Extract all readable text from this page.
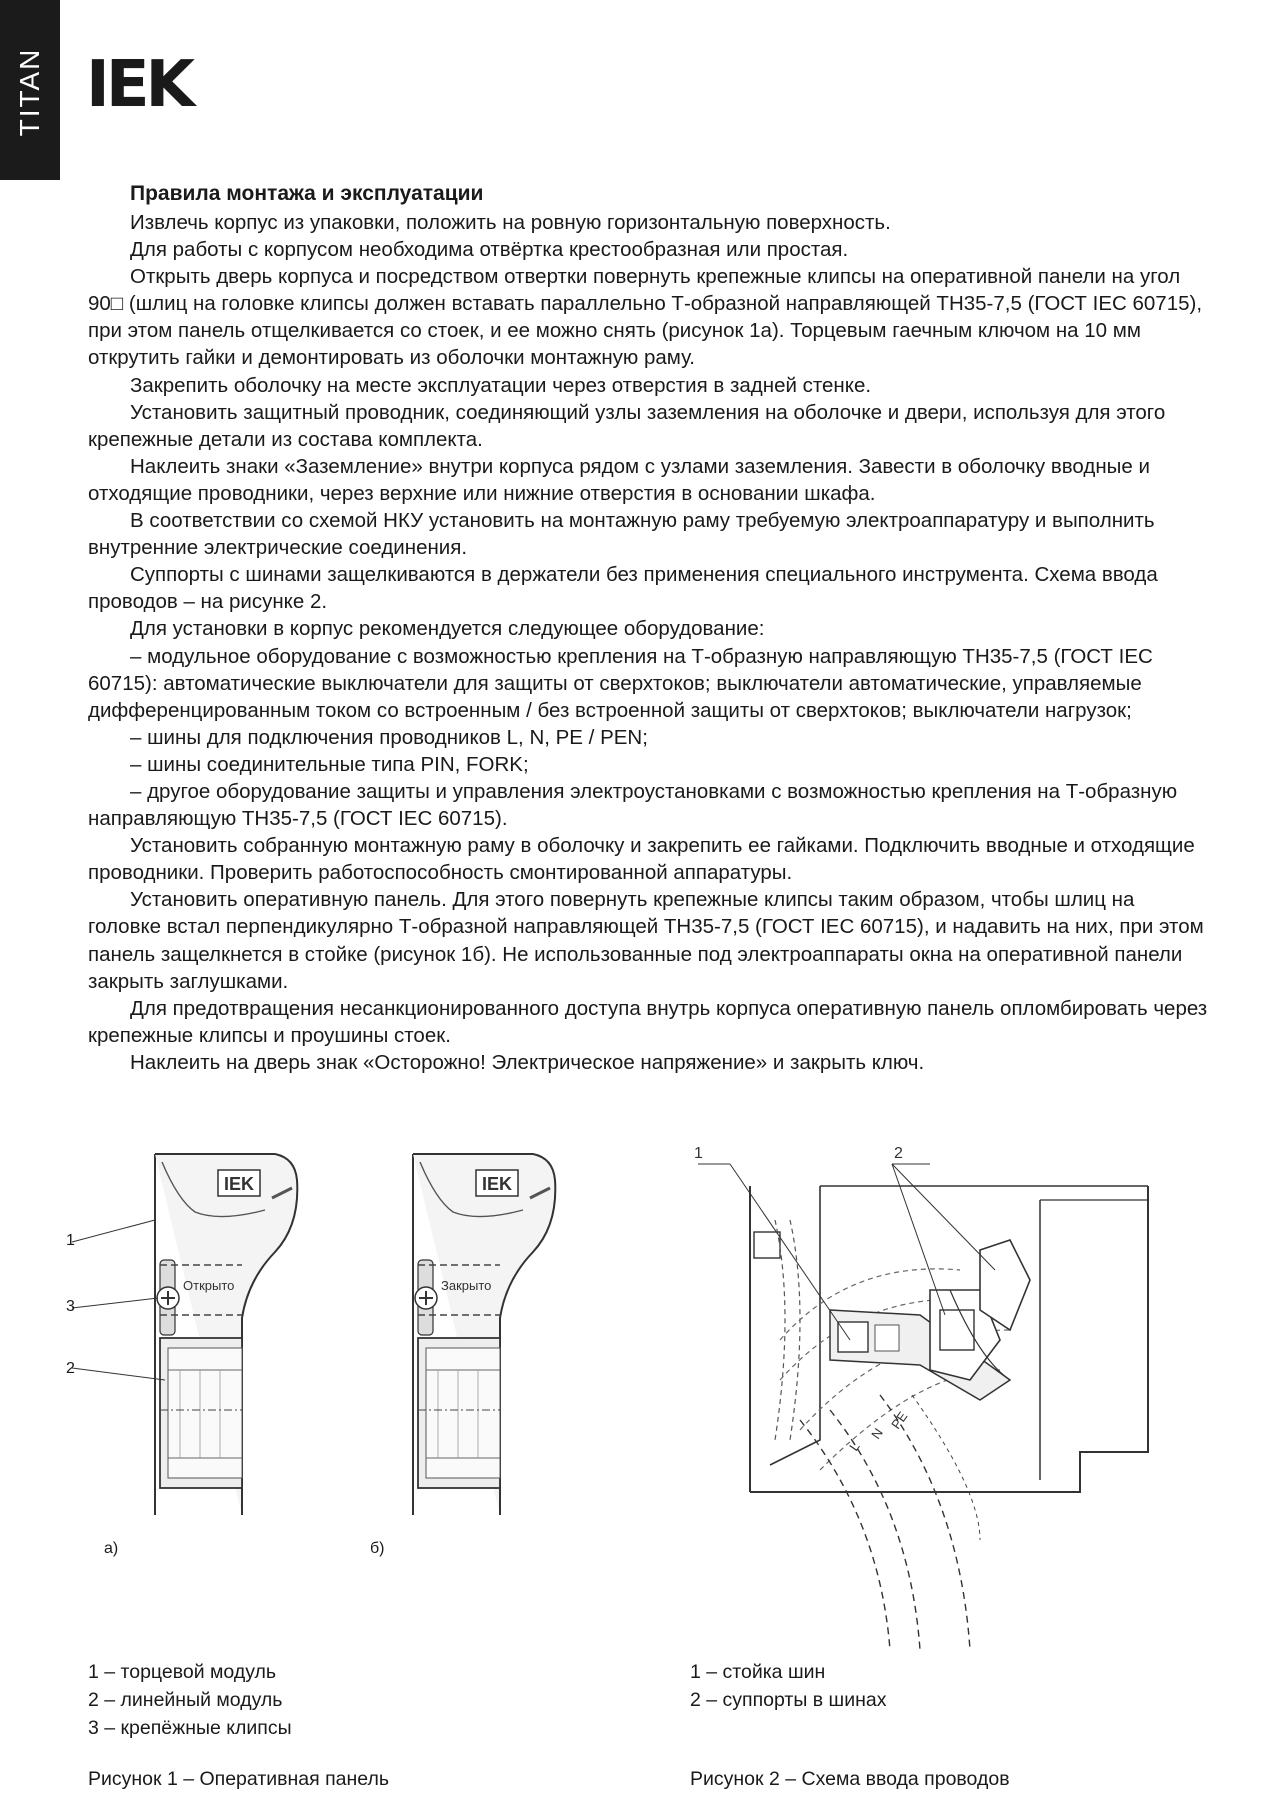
TITAN IEK
Правила монтажа и эксплуатации

Извлечь корпус из упаковки, положить на ровную горизонтальную поверхность.

Для работы с корпусом необходима отвёртка крестообразная или простая.

Открыть дверь корпуса и посредством отвертки повернуть крепежные клипсы на оперативной панели на угол 90□ (шлиц на головке клипсы должен вставать параллельно Т-образной направляющей ТН35-7,5 (ГОСТ IEC 60715), при этом панель отщелкивается со стоек, и ее можно снять (рисунок 1а). Торцевым гаечным ключом на 10 мм открутить гайки и демонтировать из оболочки монтажную раму.

Закрепить оболочку на месте эксплуатации через отверстия в задней стенке.

Установить защитный проводник, соединяющий узлы заземления на оболочке и двери, используя для этого крепежные детали из состава комплекта.

Наклеить знаки «Заземление» внутри корпуса рядом с узлами заземления. Завести в оболочку вводные и отходящие проводники, через верхние или нижние отверстия в основании шкафа.

В соответствии со схемой НКУ установить на монтажную раму требуемую электроаппаратуру и выполнить внутренние электрические соединения.

Суппорты с шинами защелкиваются в держатели без применения специального инструмента. Схема ввода проводов – на рисунке 2.

Для установки в корпус рекомендуется следующее оборудование:

– модульное оборудование с возможностью крепления на Т-образную направляющую ТН35-7,5 (ГОСТ IEC 60715): автоматические выключатели для защиты от сверхтоков; выключатели автоматические, управляемые дифференцированным током со встроенным / без встроенной защиты от сверхтоков; выключатели нагрузок;

– шины для подключения проводников L, N, PE / PEN;

– шины соединительные типа PIN, FORK;

– другое оборудование защиты и управления электроустановками с возможностью крепления на Т-образную направляющую ТН35-7,5 (ГОСТ IEC 60715).

Установить собранную монтажную раму в оболочку и закрепить ее гайками. Подключить вводные и отходящие проводники. Проверить работоспособность смонтированной аппаратуры.

Установить оперативную панель. Для этого повернуть крепежные клипсы таким образом, чтобы шлиц на головке встал перпендикулярно Т-образной направляющей ТН35-7,5 (ГОСТ IEC 60715), и надавить на них, при этом панель защелкнется в стойке (рисунок 1б). Не использованные под электроаппараты окна на оперативной панели закрыть заглушками.

Для предотвращения несанкционированного доступа внутрь корпуса оперативную панель опломбировать через крепежные клипсы и проушины стоек.

Наклеить на дверь знак «Осторожно! Электрическое напряжение» и закрыть ключ.

IEK
Открыто
1
3
2
а)
IEK
Закрыто
б)
L
N
PE
1	2
1 – торцевой модуль
2 – линейный модуль
3 – крепёжные клипсы
Рисунок 1 – Оперативная панель
1 – стойка шин
2 – суппорты в шинах
Рисунок 2 – Схема ввода проводов
